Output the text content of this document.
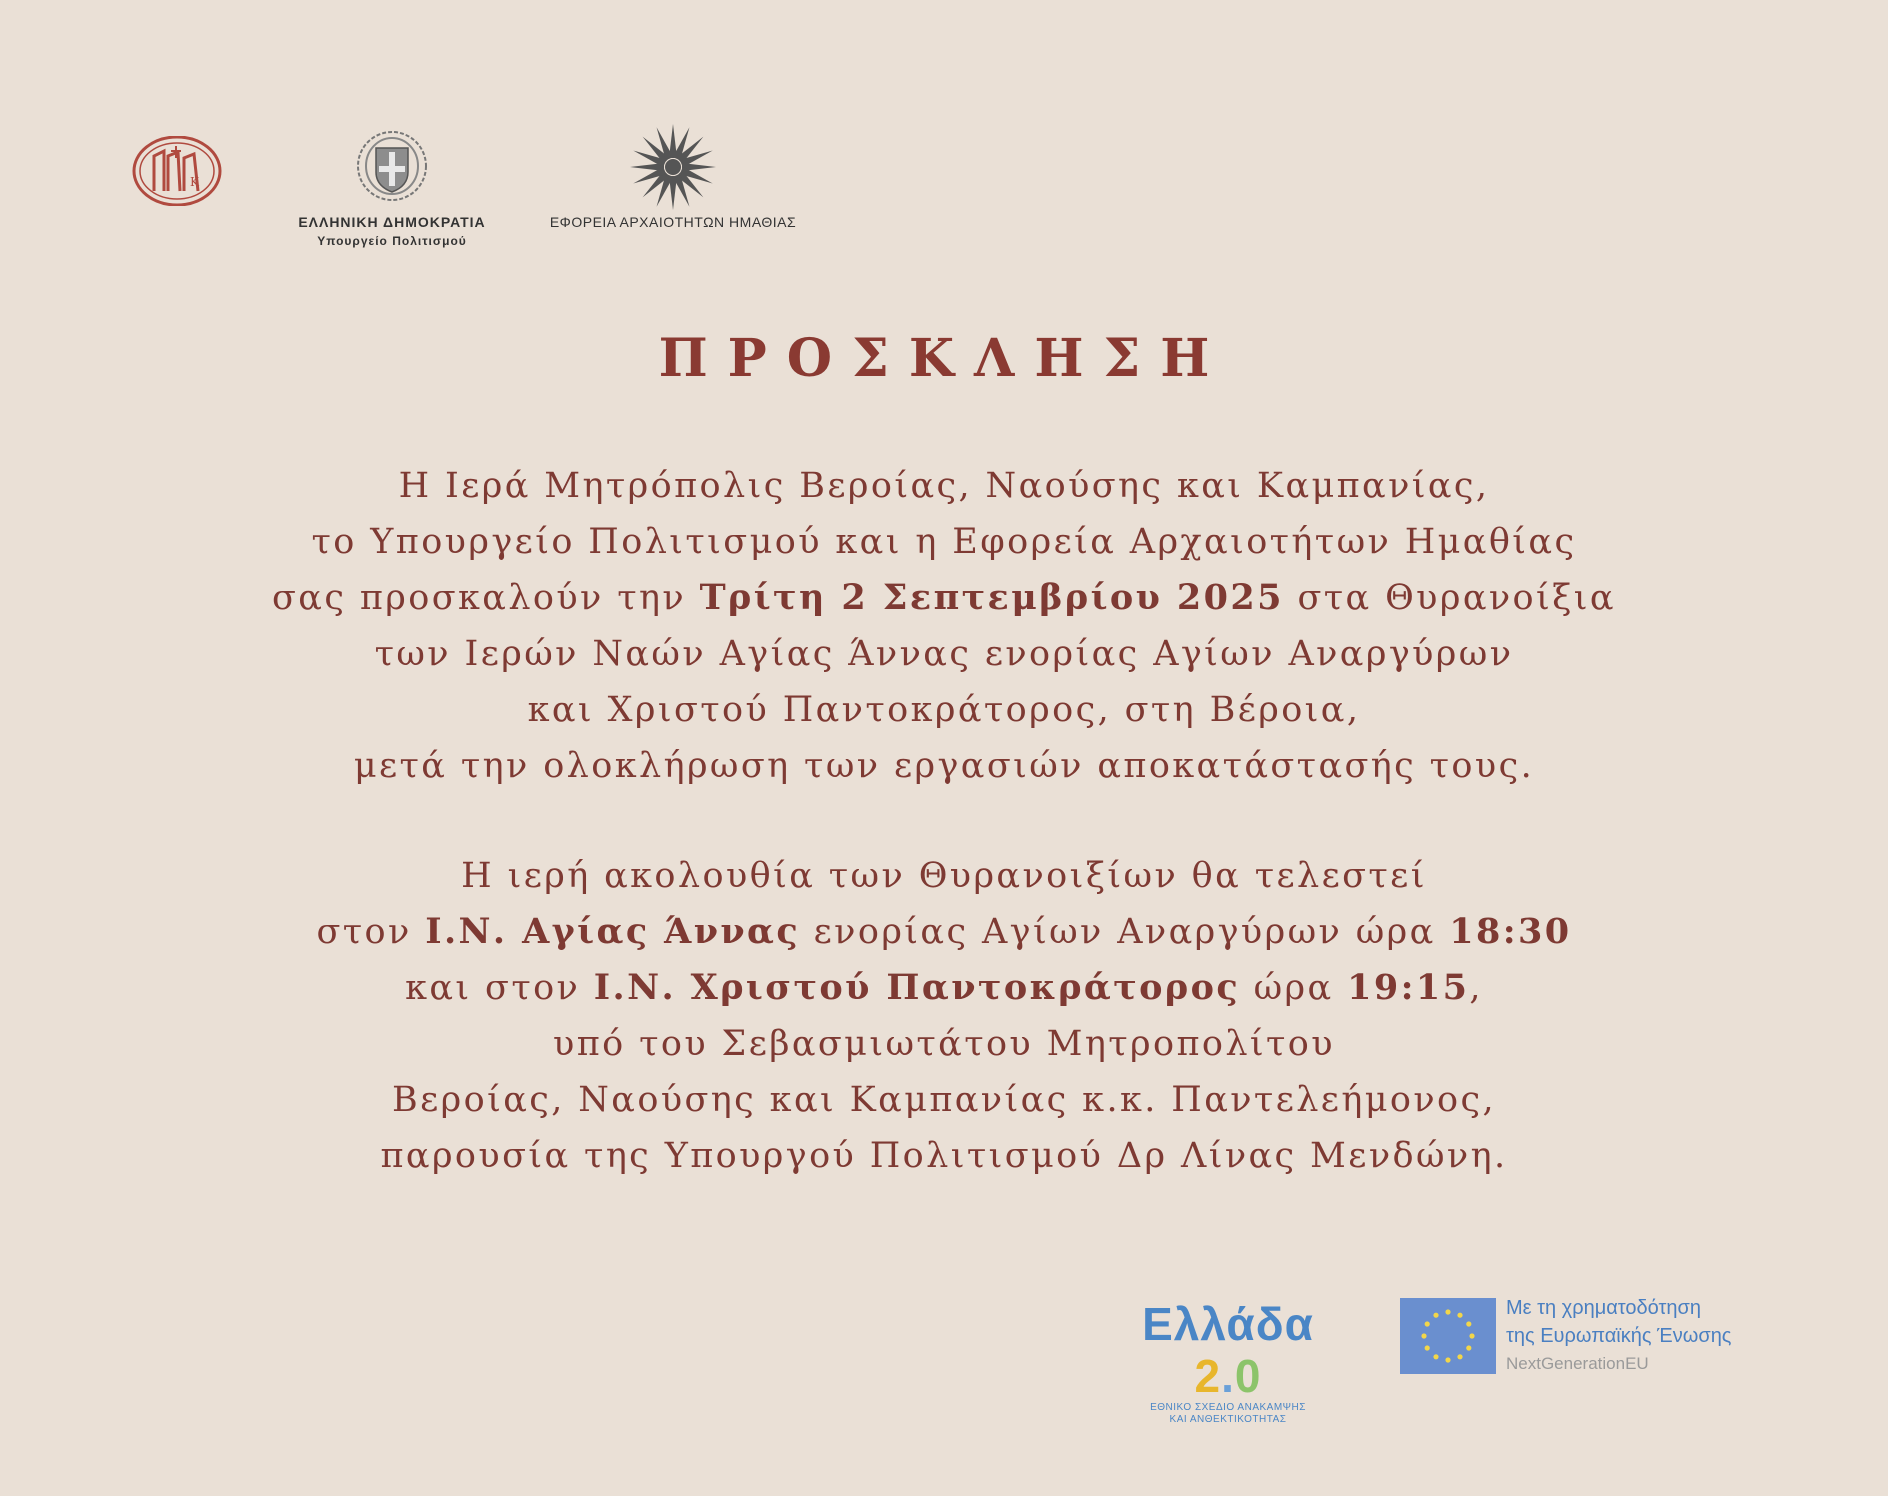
K
ΕΛΛΗΝΙΚΗ ΔΗΜΟΚΡΑΤΙΑ
Υπουργείο Πολιτισμού
ΕΦΟΡΕΙΑ ΑΡΧΑΙΟΤΗΤΩΝ ΗΜΑΘΙΑΣ
ΠΡΟΣΚΛΗΣΗ
Η Ιερά Μητρόπολις Βεροίας, Ναούσης και Καμπανίας,
το Υπουργείο Πολιτισμού και η Εφορεία Αρχαιοτήτων Ημαθίας
σας προσκαλούν την Τρίτη 2 Σεπτεμβρίου 2025 στα Θυρανοίξια
των Ιερών Ναών Αγίας Άννας ενορίας Αγίων Αναργύρων
και Χριστού Παντοκράτορος, στη Βέροια,
μετά την ολοκλήρωση των εργασιών αποκατάστασής τους.
Η ιερή ακολουθία των Θυρανοιξίων θα τελεστεί
στον Ι.Ν. Αγίας Άννας ενορίας Αγίων Αναργύρων ώρα 18:30
και στον Ι.Ν. Χριστού Παντοκράτορος ώρα 19:15,
υπό του Σεβασμιωτάτου Μητροπολίτου
Βεροίας, Ναούσης και Καμπανίας κ.κ. Παντελεήμονος,
παρουσία της Υπουργού Πολιτισμού Δρ Λίνας Μενδώνη.
Ελλάδα 2.0
ΕΘΝΙΚΟ ΣΧΕΔΙΟ ΑΝΑΚΑΜΨΗΣ
ΚΑΙ ΑΝΘΕΚΤΙΚΟΤΗΤΑΣ
Με τη χρηματοδότηση
της Ευρωπαϊκής Ένωσης
NextGenerationEU
